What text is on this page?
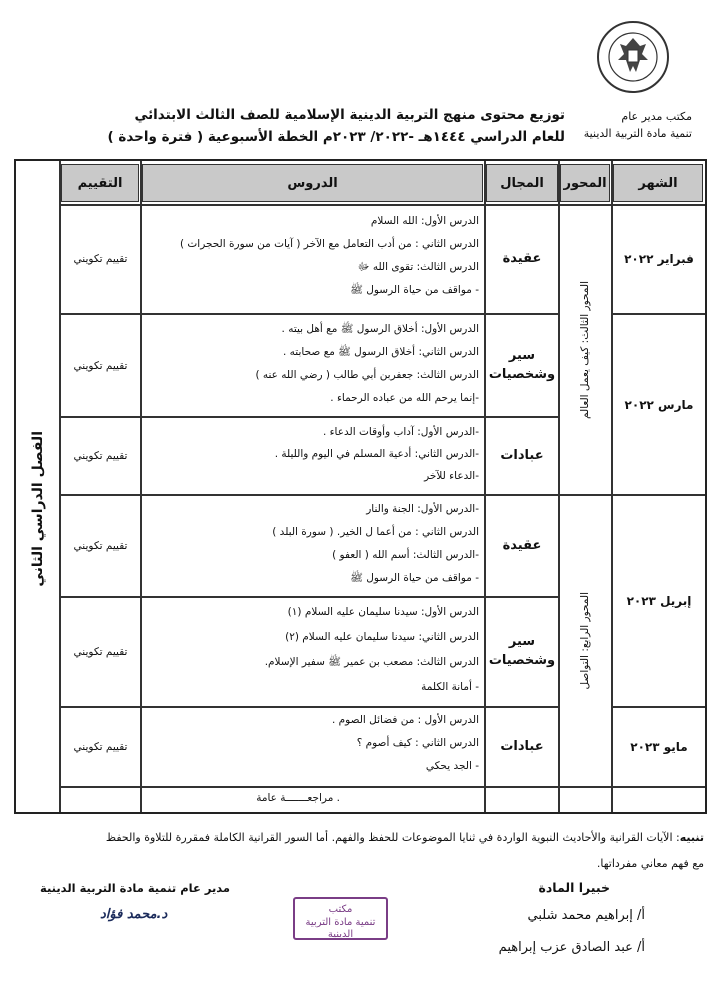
مكتب مدير عام
تنمية مادة التربية الدينية
توزيع محتوى منهج التربية الدينية الإسلامية للصف الثالث الابتدائي
للعام الدراسي ١٤٤٤هـ -٢٠٢٢/ ٢٠٢٣م الخطة الأسبوعية ( فترة واحدة )
الشهر
المحور
المجال
الدروس
التقييم
الفصل الدراسي الثاني
فبراير ٢٠٢٢
مارس ٢٠٢٢
إبريل ٢٠٢٣
مايو ٢٠٢٣
المحور الثالث: كيف يعمل العالم
المحور الرابع: التواصل
عقيدة
الدرس الأول: الله السلام
الدرس الثاني : من أدب التعامل مع الآخر ( آيات من سورة الحجرات )
الدرس الثالث: تقوى الله ﷻ
- مواقف من حياة الرسول ﷺ
تقييم تكويني
سير وشخصيات
الدرس الأول: أخلاق الرسول ﷺ مع أهل بيته .
الدرس الثاني: أخلاق الرسول ﷺ مع صحابته .
الدرس الثالث: جعفربن أبي طالب ( رضي الله عنه )
-إنما يرحم الله من عباده الرحماء .
تقييم تكويني
عبادات
-الدرس الأول: آداب وأوقات الدعاء .
-الدرس الثاني: أدعية المسلم في اليوم والليلة .
-الدعاء للآخر
تقييم تكويني
عقيدة
-الدرس الأول: الجنة والنار
الدرس الثاني : من أعما ل الخير. ( سورة البلد )
-الدرس الثالث: أسم الله ( العفو )
- مواقف من حياة الرسول ﷺ
تقييم تكويني
سير وشخصيات
الدرس الأول: سيدنا سليمان عليه السلام (١)
الدرس الثاني: سيدنا سليمان عليه السلام (٢)
الدرس الثالث: مصعب بن عمير ﷺ سفير الإسلام.
- أمانة الكلمة
تقييم تكويني
عبادات
الدرس الأول : من فضائل الصوم .
الدرس الثاني : كيف أصوم ؟
- الجد يحكي
تقييم تكويني
. مراجعـــــــة عامة
تنبيه: الآيات القرانية والأحاديث النبوية الواردة في ثنايا الموضوعات للحفظ والفهم. أما السور القرانية الكاملة فمقررة للتلاوة والحفظ
مع فهم معاني مفرداتها.
خبيرا المادة
أ/ إبراهيم محمد شلبي
أ/ عبد الصادق عزب إبراهيم
مكتب
تنمية مادة التربية الدينية
مدير عام تنمية مادة التربية الدينية
د.محمد فؤاد
